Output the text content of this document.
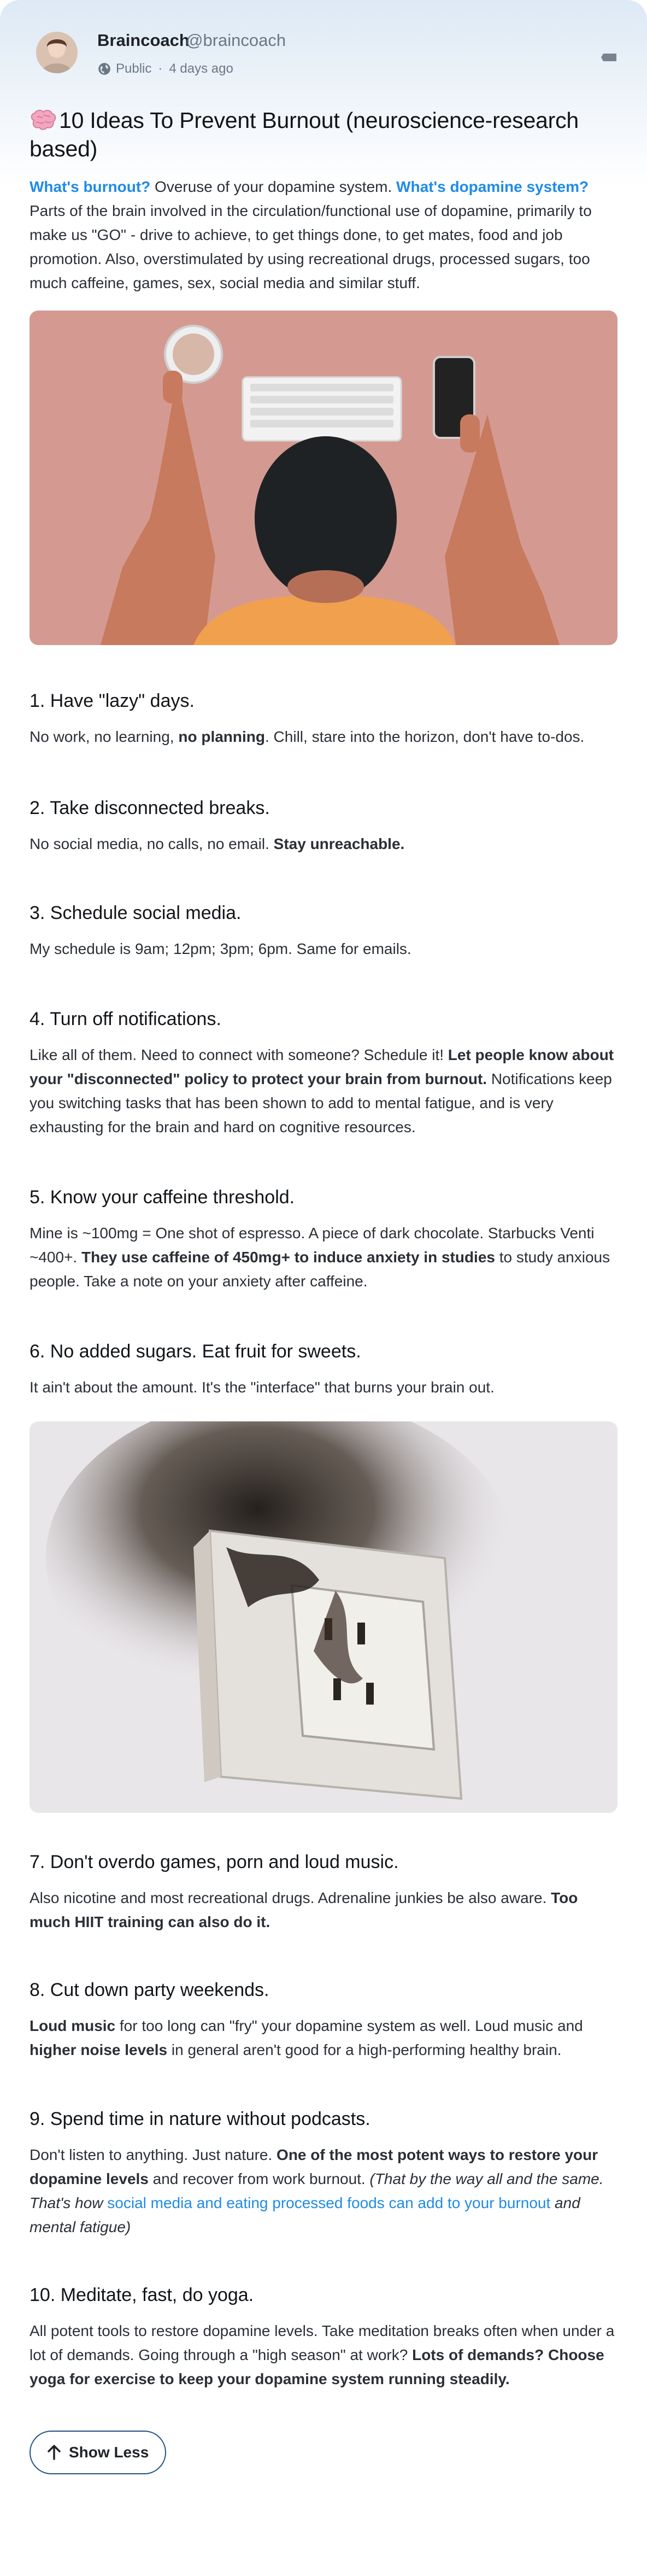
Braincoach
@braincoach
Public · 4 days ago
10 Ideas To Prevent Burnout (neuroscience-research based)

What's burnout? Overuse of your dopamine system. What's dopamine system? Parts of the brain involved in the circulation/functional use of dopamine, primarily to make us "GO" - drive to achieve, to get things done, to get mates, food and job promotion. Also, overstimulated by using recreational drugs, processed sugars, too much caffeine, games, sex, social media and similar stuff.

1. Have "lazy" days.

No work, no learning, no planning. Chill, stare into the horizon, don't have to-dos.

2. Take disconnected breaks.

No social media, no calls, no email. Stay unreachable.

3. Schedule social media.

My schedule is 9am; 12pm; 3pm; 6pm. Same for emails.

4. Turn off notifications.

Like all of them. Need to connect with someone? Schedule it! Let people know about your "disconnected" policy to protect your brain from burnout. Notifications keep you switching tasks that has been shown to add to mental fatigue, and is very exhausting for the brain and hard on cognitive resources.

5. Know your caffeine threshold.

Mine is ~100mg = One shot of espresso. A piece of dark chocolate. Starbucks Venti ~400+. They use caffeine of 450mg+ to induce anxiety in studies to study anxious people. Take a note on your anxiety after caffeine.

6. No added sugars. Eat fruit for sweets.

It ain't about the amount. It's the "interface" that burns your brain out.

7. Don't overdo games, porn and loud music.

Also nicotine and most recreational drugs. Adrenaline junkies be also aware. Too much HIIT training can also do it.

8. Cut down party weekends.

Loud music for too long can "fry" your dopamine system as well. Loud music and higher noise levels in general aren't good for a high-performing healthy brain.

9. Spend time in nature without podcasts.

Don't listen to anything. Just nature. One of the most potent ways to restore your dopamine levels and recover from work burnout. (That by the way all and the same. That's how social media and eating processed foods can add to your burnout and mental fatigue)

10. Meditate, fast, do yoga.

All potent tools to restore dopamine levels. Take meditation breaks often when under a lot of demands. Going through a "high season" at work? Lots of demands? Choose yoga for exercise to keep your dopamine system running steadily.

Show Less
